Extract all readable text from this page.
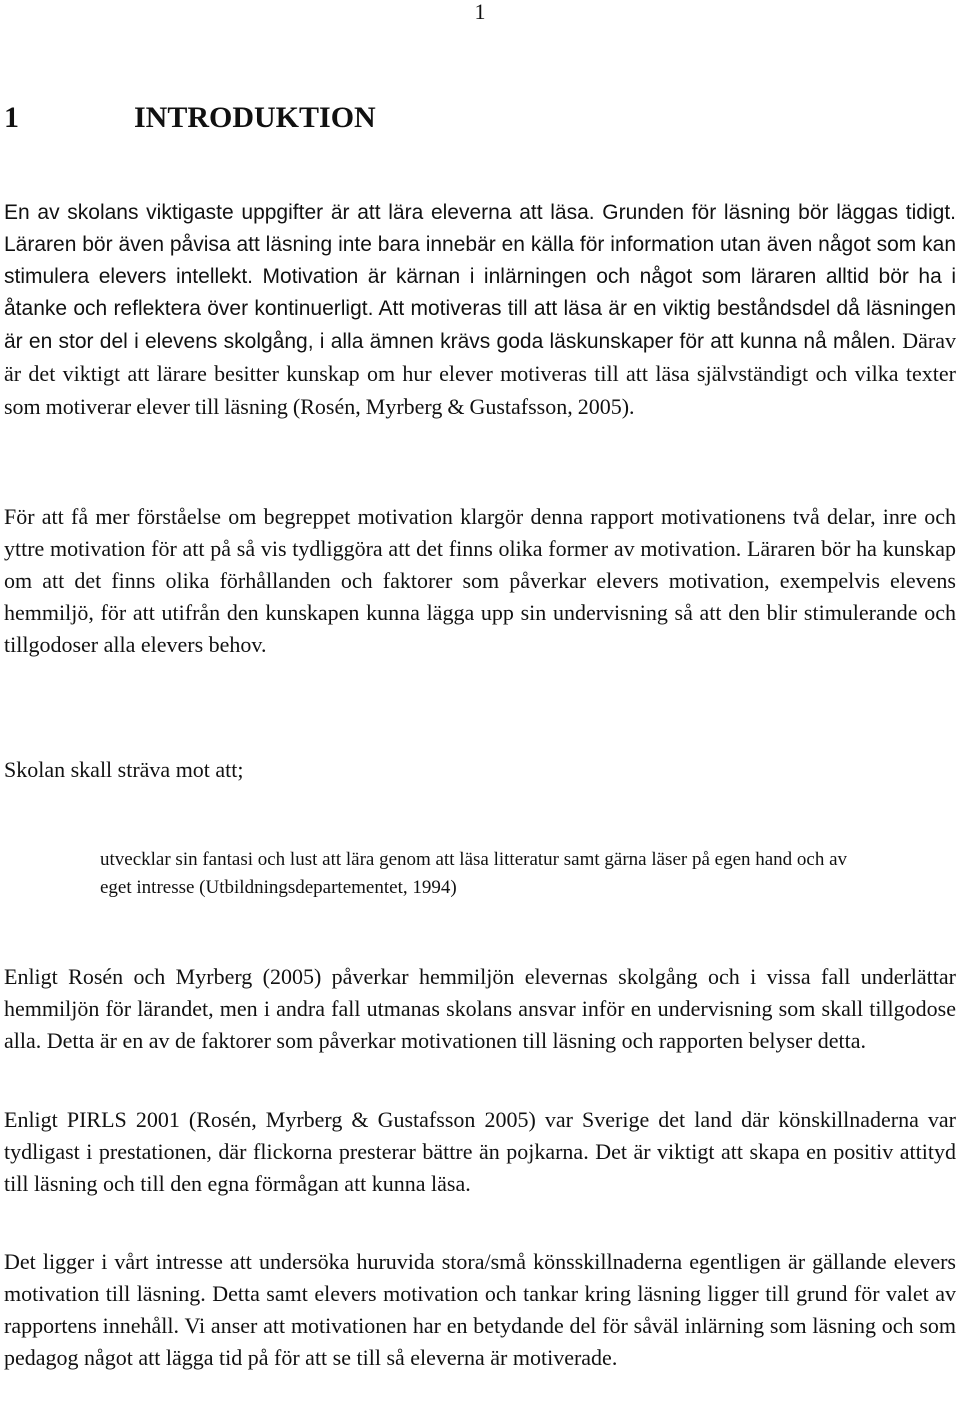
1
1	INTRODUKTION

En av skolans viktigaste uppgifter är att lära eleverna att läsa. Grunden för läsning bör läggas tidigt. Läraren bör även påvisa att läsning inte bara innebär en källa för information utan även något som kan stimulera elevers intellekt. Motivation är kärnan i inlärningen och något som läraren alltid bör ha i åtanke och reflektera över kontinuerligt. Att motiveras till att läsa är en viktig beståndsdel då läsningen är en stor del i elevens skolgång, i alla ämnen krävs goda läskunskaper för att kunna nå målen. Därav är det viktigt att lärare besitter kunskap om hur elever motiveras till att läsa självständigt och vilka texter som motiverar elever till läsning (Rosén, Myrberg & Gustafsson, 2005).

För att få mer förståelse om begreppet motivation klargör denna rapport motivationens två delar, inre och yttre motivation för att på så vis tydliggöra att det finns olika former av motivation. Läraren bör ha kunskap om att det finns olika förhållanden och faktorer som påverkar elevers motivation, exempelvis elevens hemmiljö, för att utifrån den kunskapen kunna lägga upp sin undervisning så att den blir stimulerande och tillgodoser alla elevers behov.

Skolan skall sträva mot att;

utvecklar sin fantasi och lust att lära genom att läsa litteratur samt gärna läser på egen hand och av eget intresse (Utbildningsdepartementet, 1994)

Enligt Rosén och Myrberg (2005) påverkar hemmiljön elevernas skolgång och i vissa fall underlättar hemmiljön för lärandet, men i andra fall utmanas skolans ansvar inför en undervisning som skall tillgodose alla. Detta är en av de faktorer som påverkar motivationen till läsning och rapporten belyser detta.

Enligt PIRLS 2001 (Rosén, Myrberg & Gustafsson 2005) var Sverige det land där könskillnaderna var tydligast i prestationen, där flickorna presterar bättre än pojkarna. Det är viktigt att skapa en positiv attityd till läsning och till den egna förmågan att kunna läsa.

Det ligger i vårt intresse att undersöka huruvida stora/små könsskillnaderna egentligen är gällande elevers motivation till läsning. Detta samt elevers motivation och tankar kring läsning ligger till grund för valet av rapportens innehåll. Vi anser att motivationen har en betydande del för såväl inlärning som läsning och som pedagog något att lägga tid på för att se till så eleverna är motiverade.
